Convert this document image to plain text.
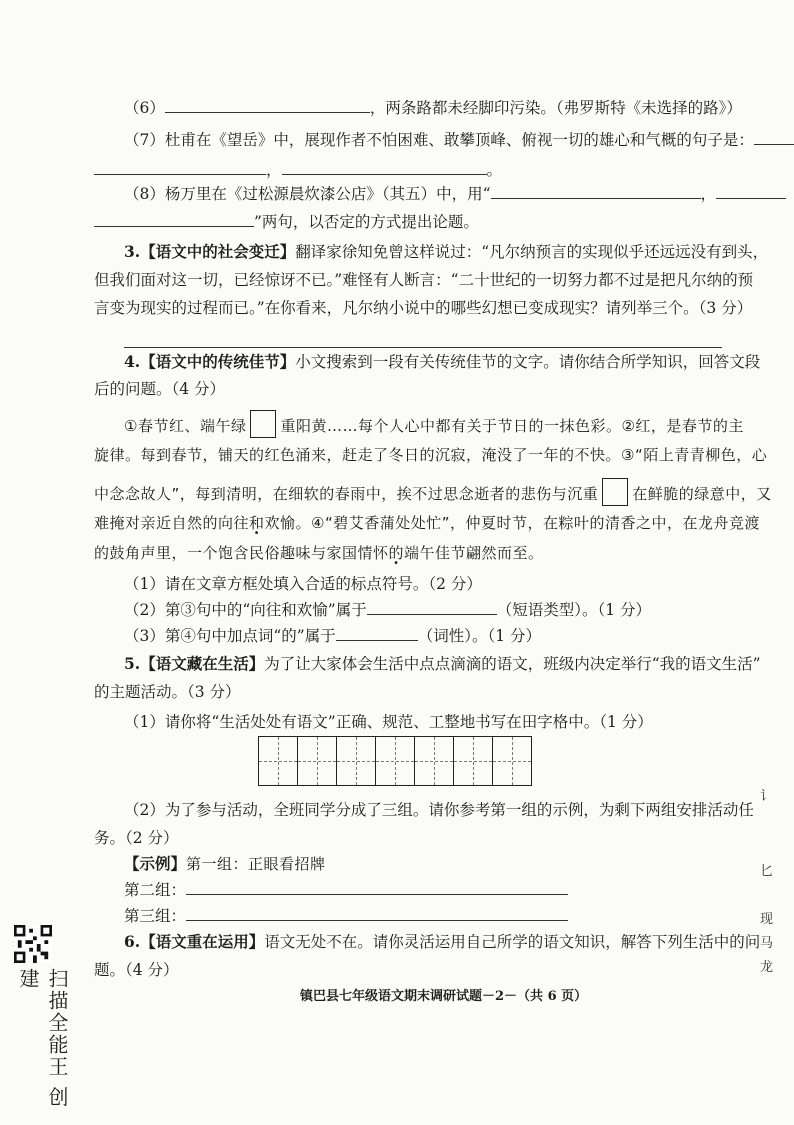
（6）	，两条路都未经脚印污染。（弗罗斯特《未选择的路》）
（7）杜甫在《望岳》中，展现作者不怕困难、敢攀顶峰、俯视一切的雄心和气概的句子是：
，	。
（8）杨万里在《过松源晨炊漆公店》（其五）中，用“	，
”两句，以否定的方式提出论题。
3.【语文中的社会变迁】翻译家徐知免曾这样说过：“凡尔纳预言的实现似乎还远远没有到头，
但我们面对这一切，已经惊讶不已。”难怪有人断言：“二十世纪的一切努力都不过是把凡尔纳的预
言变为现实的过程而已。”在你看来，凡尔纳小说中的哪些幻想已变成现实？请列举三个。（3 分）
4.【语文中的传统佳节】小文搜索到一段有关传统佳节的文字。请你结合所学知识，回答文段
后的问题。（4 分）
①春节红、端午绿 重阳黄……每个人心中都有关于节日的一抹色彩。②红，是春节的主
旋律。每到春节，铺天的红色涌来，赶走了冬日的沉寂，淹没了一年的不快。③“陌上青青柳色，心
中念念故人”，每到清明，在细软的春雨中，挨不过思念逝者的悲伤与沉重 在鲜脆的绿意中，又
难掩对亲近自然的向往和欢愉 •。④“碧艾香蒲处处忙”，仲夏时节，在粽叶的清香之中，在龙舟竞渡
的鼓角声里，一个饱含民俗趣味与家国情怀的端午佳节翩然而至。
（1）请在文章方框处填入合适的标点符号。（2 分）
（2）第③句中的“向往和欢愉”属于	（短语类型）。（1 分）
（3）第④句中加点词“的”属于	（词性）。（1 分）
5.【语文藏在生活】为了让大家体会生活中点点滴滴的语文，班级内决定举行“我的语文生活”
的主题活动。（3 分）
（1）请你将“生活处处有语文”正确、规范、工整地书写在田字格中。（1 分）
（2）为了参与活动，全班同学分成了三组。请你参考第一组的示例，为剩下两组安排活动任
务。（2 分）
【示例】第一组：正眼看招牌
第二组：
第三组：
6.【语文重在运用】语文无处不在。请你灵活运用自己所学的语文知识，解答下列生活中的问
题。（4 分）
镇巴县七年级语文期末调研试题－2－（共 6 页）
扫描全能王 创建
讠
匕
现
马
龙
